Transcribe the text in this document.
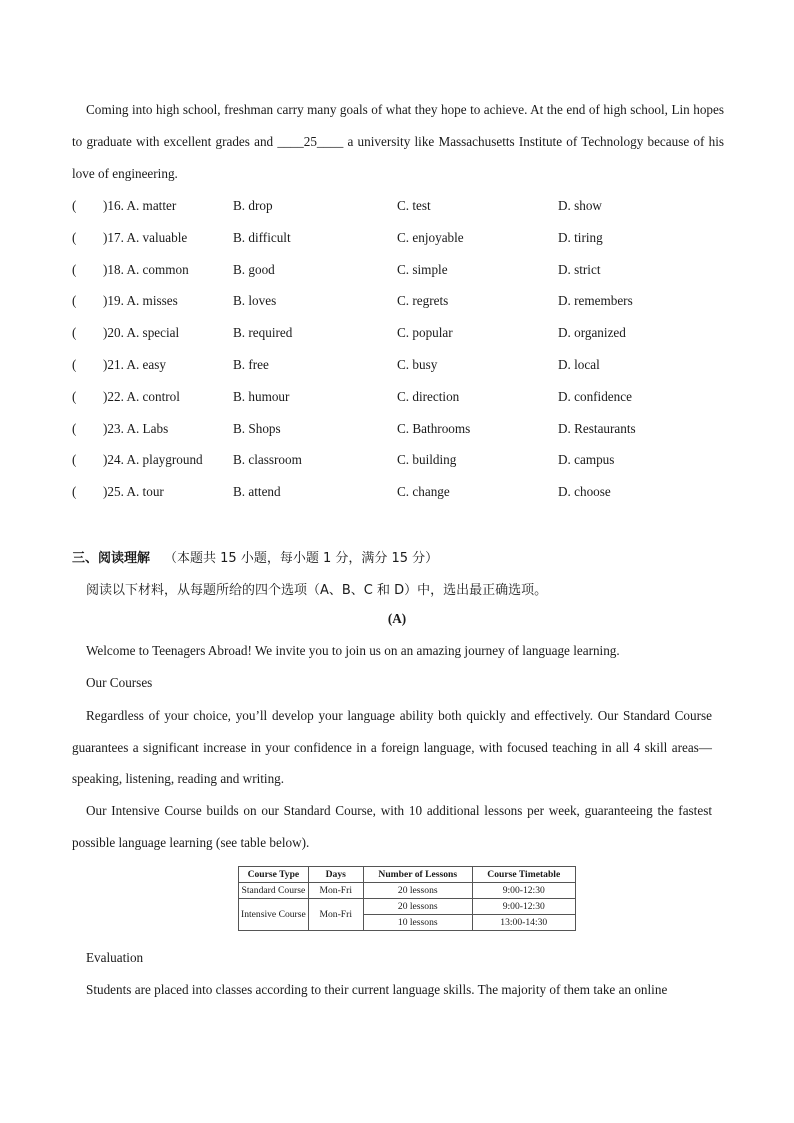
Coming into high school, freshman carry many goals of what they hope to achieve. At the end of high school, Lin hopes to graduate with excellent grades and ____25____ a university like Massachusetts Institute of Technology because of his love of engineering.
( )16. A. matter	B. drop	C. test	D. show
( )17. A. valuable	B. difficult	C. enjoyable	D. tiring
( )18. A. common	B. good	C. simple	D. strict
( )19. A. misses	B. loves	C. regrets	D. remembers
( )20. A. special	B. required	C. popular	D. organized
( )21. A. easy	B. free	C. busy	D. local
( )22. A. control	B. humour	C. direction	D. confidence
( )23. A. Labs	B. Shops	C. Bathrooms	D. Restaurants
( )24. A. playground B. classroom	C. building	D. campus
( )25. A. tour	B. attend	C. change	D. choose
三、阅读理解 （本题共 15 小题，每小题 1 分，满分 15 分）
阅读以下材料，从每题所给的四个选项（A、B、C 和 D）中，选出最正确选项。
(A)
Welcome to Teenagers Abroad! We invite you to join us on an amazing journey of language learning.
Our Courses
Regardless of your choice, you’ll develop your language ability both quickly and effectively. Our Standard Course guarantees a significant increase in your confidence in a foreign language, with focused teaching in all 4 skill areas—speaking, listening, reading and writing.
Our Intensive Course builds on our Standard Course, with 10 additional lessons per week, guaranteeing the fastest possible language learning (see table below).
Course Type	Days	Number of Lessons	Course Timetable
Standard Course	Mon-Fri	20 lessons	9:00-12:30
Intensive Course	Mon-Fri	20 lessons	9:00-12:30
		10 lessons	13:00-14:30
Evaluation
Students are placed into classes according to their current language skills. The majority of them take an online
